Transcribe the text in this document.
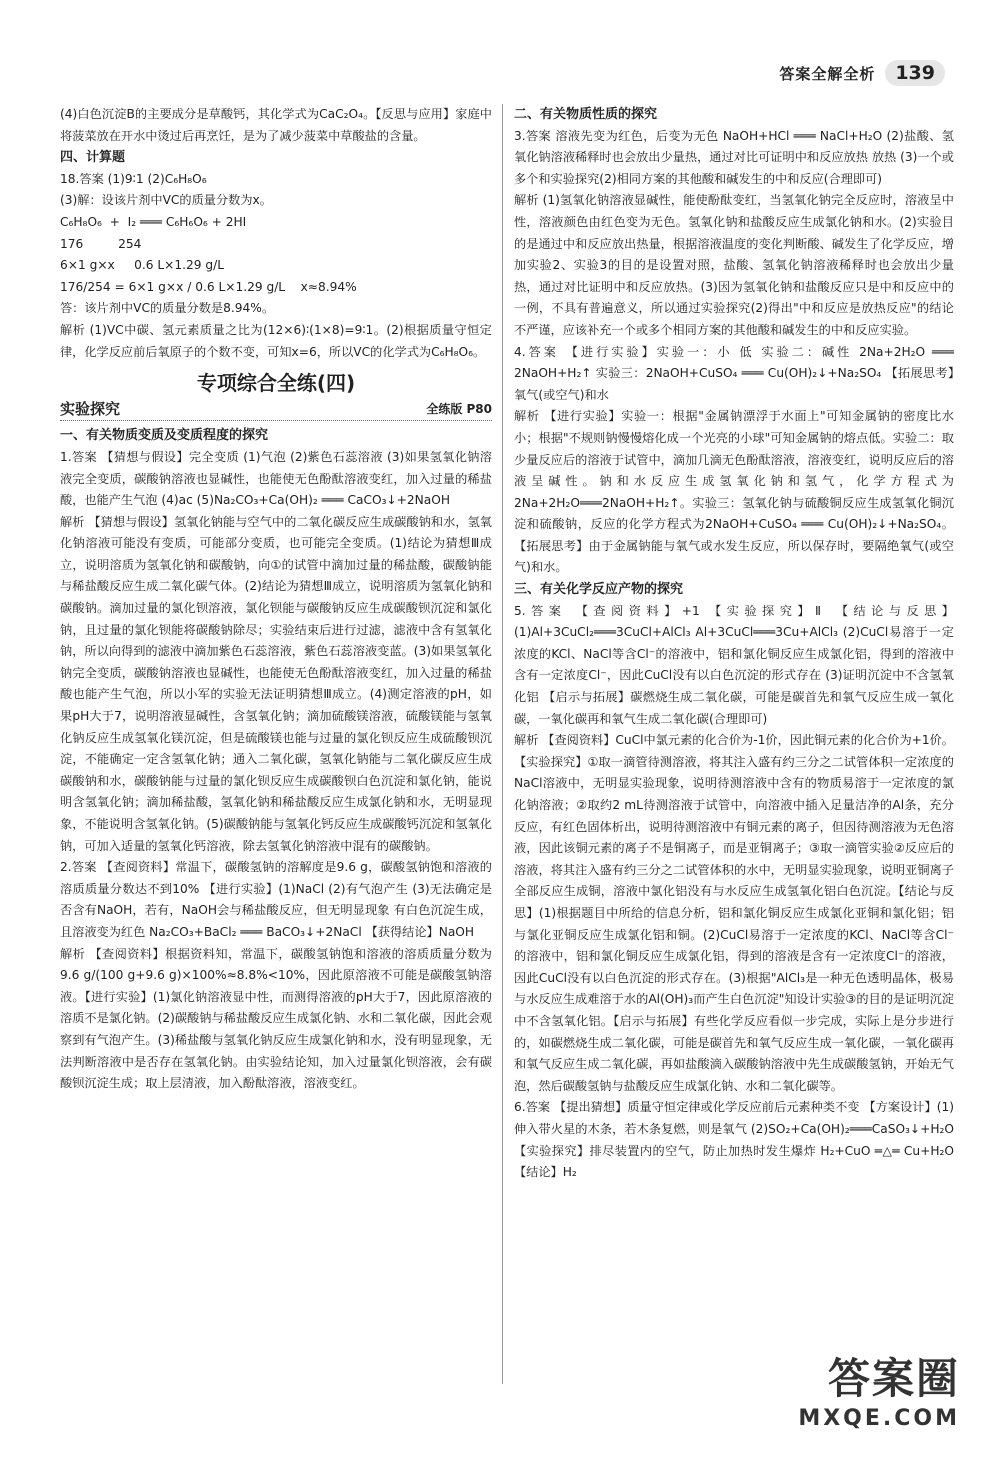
答案全解全析	139

(4)白色沉淀B的主要成分是草酸钙，其化学式为CaC₂O₄。【反思与应用】家庭中将菠菜放在开水中烫过后再烹饪，是为了减少菠菜中草酸盐的含量。

四、计算题

18.答案 (1)9∶1 (2)C₆H₈O₆

(3)解：设该片剂中VC的质量分数为x。

C₆H₈O₆  +  I₂ ═══ C₆H₆O₆ + 2HI

176         254

6×1 g×x     0.6 L×1.29 g/L

176/254 = 6×1 g×x / 0.6 L×1.29 g/L    x≈8.94%

答：该片剂中VC的质量分数是8.94%。

解析 (1)VC中碳、氢元素质量之比为(12×6)∶(1×8)=9∶1。(2)根据质量守恒定律，化学反应前后氧原子的个数不变，可知x=6，所以VC的化学式为C₆H₈O₆。

专项综合全练(四)

实验探究	全练版 P80

一、有关物质变质及变质程度的探究

1.答案 【猜想与假设】完全变质 (1)气泡 (2)紫色石蕊溶液 (3)如果氢氧化钠溶液完全变质，碳酸钠溶液也显碱性，也能使无色酚酞溶液变红，加入过量的稀盐酸，也能产生气泡 (4)ac (5)Na₂CO₃+Ca(OH)₂ ═══ CaCO₃↓+2NaOH

解析 【猜想与假设】氢氧化钠能与空气中的二氧化碳反应生成碳酸钠和水，氢氧化钠溶液可能没有变质，可能部分变质，也可能完全变质。(1)结论为猜想Ⅲ成立，说明溶质为氢氧化钠和碳酸钠，向①的试管中滴加过量的稀盐酸，碳酸钠能与稀盐酸反应生成二氧化碳气体。(2)结论为猜想Ⅲ成立，说明溶质为氢氧化钠和碳酸钠。滴加过量的氯化钡溶液，氯化钡能与碳酸钠反应生成碳酸钡沉淀和氯化钠，且过量的氯化钡能将碳酸钠除尽；实验结束后进行过滤，滤液中含有氢氧化钠，所以向得到的滤液中滴加紫色石蕊溶液，紫色石蕊溶液变蓝。(3)如果氢氧化钠完全变质，碳酸钠溶液也显碱性，也能使无色酚酞溶液变红，加入过量的稀盐酸也能产生气泡，所以小军的实验无法证明猜想Ⅲ成立。(4)测定溶液的pH，如果pH大于7，说明溶液显碱性，含氢氧化钠；滴加硫酸镁溶液，硫酸镁能与氢氧化钠反应生成氢氧化镁沉淀，但是硫酸镁也能与过量的氯化钡反应生成硫酸钡沉淀，不能确定一定含氢氧化钠；通入二氧化碳，氢氧化钠能与二氧化碳反应生成碳酸钠和水，碳酸钠能与过量的氯化钡反应生成碳酸钡白色沉淀和氯化钠，能说明含氢氧化钠；滴加稀盐酸，氢氧化钠和稀盐酸反应生成氯化钠和水，无明显现象，不能说明含氢氧化钠。(5)碳酸钠能与氢氧化钙反应生成碳酸钙沉淀和氢氧化钠，可加入适量的氢氧化钙溶液，除去氢氧化钠溶液中混有的碳酸钠。

2.答案 【查阅资料】常温下，碳酸氢钠的溶解度是9.6 g，碳酸氢钠饱和溶液的溶质质量分数达不到10% 【进行实验】(1)NaCl (2)有气泡产生 (3)无法确定是否含有NaOH，若有，NaOH会与稀盐酸反应，但无明显现象 有白色沉淀生成，且溶液变为红色 Na₂CO₃+BaCl₂ ═══ BaCO₃↓+2NaCl 【获得结论】NaOH

解析 【查阅资料】根据资料知，常温下，碳酸氢钠饱和溶液的溶质质量分数为 9.6 g/(100 g+9.6 g)×100%≈8.8%<10%，因此原溶液不可能是碳酸氢钠溶液。【进行实验】(1)氯化钠溶液显中性，而测得溶液的pH大于7，因此原溶液的溶质不是氯化钠。(2)碳酸钠与稀盐酸反应生成氯化钠、水和二氧化碳，因此会观察到有气泡产生。(3)稀盐酸与氢氧化钠反应生成氯化钠和水，没有明显现象，无法判断溶液中是否存在氢氧化钠。由实验结论知，加入过量氯化钡溶液，会有碳酸钡沉淀生成；取上层清液，加入酚酞溶液，溶液变红。

二、有关物质性质的探究

3.答案 溶液先变为红色，后变为无色 NaOH+HCl ═══ NaCl+H₂O (2)盐酸、氢氧化钠溶液稀释时也会放出少量热，通过对比可证明中和反应放热 放热 (3)一个或多个和实验探究(2)相同方案的其他酸和碱发生的中和反应(合理即可)

解析 (1)氢氧化钠溶液显碱性，能使酚酞变红，当氢氧化钠完全反应时，溶液呈中性，溶液颜色由红色变为无色。氢氧化钠和盐酸反应生成氯化钠和水。(2)实验目的是通过中和反应放出热量，根据溶液温度的变化判断酸、碱发生了化学反应，增加实验2、实验3的目的是设置对照，盐酸、氢氧化钠溶液稀释时也会放出少量热，通过对比证明中和反应放热。(3)因为氢氧化钠和盐酸反应只是中和反应中的一例，不具有普遍意义，所以通过实验探究(2)得出"中和反应是放热反应"的结论不严谨，应该补充一个或多个相同方案的其他酸和碱发生的中和反应实验。

4.答案 【进行实验】实验一：小 低 实验二：碱性 2Na+2H₂O ═══ 2NaOH+H₂↑ 实验三：2NaOH+CuSO₄ ═══ Cu(OH)₂↓+Na₂SO₄ 【拓展思考】氧气(或空气)和水

解析 【进行实验】实验一：根据"金属钠漂浮于水面上"可知金属钠的密度比水小；根据"不规则钠慢慢熔化成一个光亮的小球"可知金属钠的熔点低。实验二：取少量反应后的溶液于试管中，滴加几滴无色酚酞溶液，溶液变红，说明反应后的溶液呈碱性。钠和水反应生成氢氧化钠和氢气，化学方程式为2Na+2H₂O═══2NaOH+H₂↑。实验三：氢氧化钠与硫酸铜反应生成氢氧化铜沉淀和硫酸钠，反应的化学方程式为2NaOH+CuSO₄ ═══ Cu(OH)₂↓+Na₂SO₄。【拓展思考】由于金属钠能与氧气或水发生反应，所以保存时，要隔绝氧气(或空气)和水。

三、有关化学反应产物的探究

5.答案 【查阅资料】+1 【实验探究】Ⅱ 【结论与反思】(1)Al+3CuCl₂═══3CuCl+AlCl₃ Al+3CuCl═══3Cu+AlCl₃ (2)CuCl易溶于一定浓度的KCl、NaCl等含Cl⁻的溶液中，铝和氯化铜反应生成氯化铝，得到的溶液中含有一定浓度Cl⁻，因此CuCl没有以白色沉淀的形式存在 (3)证明沉淀中不含氢氧化铝 【启示与拓展】碳燃烧生成二氧化碳，可能是碳首先和氧气反应生成一氧化碳，一氧化碳再和氧气生成二氧化碳(合理即可)

解析 【查阅资料】CuCl中氯元素的化合价为-1价，因此铜元素的化合价为+1价。【实验探究】①取一滴管待测溶液，将其注入盛有约三分之二试管体积一定浓度的NaCl溶液中，无明显实验现象，说明待测溶液中含有的物质易溶于一定浓度的氯化钠溶液；②取约2 mL待测溶液于试管中，向溶液中插入足量洁净的Al条，充分反应，有红色固体析出，说明待测溶液中有铜元素的离子，但因待测溶液为无色溶液，因此该铜元素的离子不是铜离子，而是亚铜离子；③取一滴管实验②反应后的溶液，将其注入盛有约三分之二试管体积的水中，无明显实验现象，说明亚铜离子全部反应生成铜，溶液中氯化铝没有与水反应生成氢氧化铝白色沉淀。【结论与反思】(1)根据题目中所给的信息分析，铝和氯化铜反应生成氯化亚铜和氯化铝；铝与氯化亚铜反应生成氯化铝和铜。(2)CuCl易溶于一定浓度的KCl、NaCl等含Cl⁻的溶液中，铝和氯化铜反应生成氯化铝，得到的溶液是含有一定浓度Cl⁻的溶液，因此CuCl没有以白色沉淀的形式存在。(3)根据"AlCl₃是一种无色透明晶体，极易与水反应生成难溶于水的Al(OH)₃而产生白色沉淀"知设计实验③的目的是证明沉淀中不含氢氧化铝。【启示与拓展】有些化学反应看似一步完成，实际上是分步进行的，如碳燃烧生成二氧化碳，可能是碳首先和氧气反应生成一氧化碳，一氧化碳再和氧气反应生成二氧化碳，再如盐酸滴入碳酸钠溶液中先生成碳酸氢钠，开始无气泡，然后碳酸氢钠与盐酸反应生成氯化钠、水和二氧化碳等。

6.答案 【提出猜想】质量守恒定律或化学反应前后元素种类不变 【方案设计】(1)伸入带火星的木条，若木条复燃，则是氧气 (2)SO₂+Ca(OH)₂═══CaSO₃↓+H₂O 【实验探究】排尽装置内的空气，防止加热时发生爆炸 H₂+CuO ═△═ Cu+H₂O 【结论】H₂

答案圈
MXQE.COM
